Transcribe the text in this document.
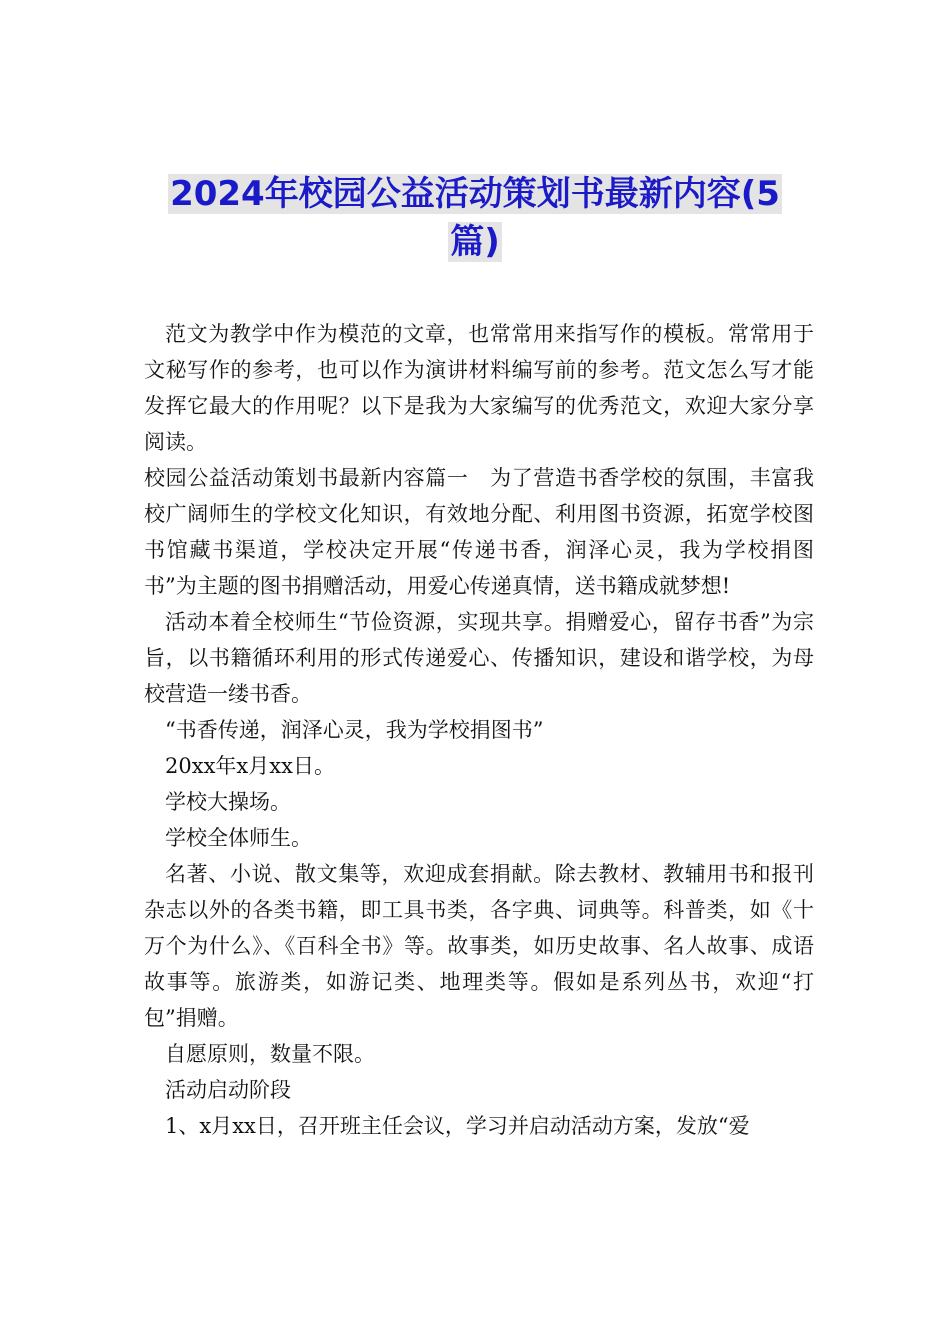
2024年校园公益活动策划书最新内容(5
篇)

范文为教学中作为模范的文章，也常常用来指写作的模板。常常用于文秘写作的参考，也可以作为演讲材料编写前的参考。范文怎么写才能发挥它最大的作用呢？以下是我为大家编写的优秀范文，欢迎大家分享阅读。

校园公益活动策划书最新内容篇一　为了营造书香学校的氛围，丰富我校广阔师生的学校文化知识，有效地分配、利用图书资源，拓宽学校图书馆藏书渠道，学校决定开展“传递书香，润泽心灵，我为学校捐图书”为主题的图书捐赠活动，用爱心传递真情，送书籍成就梦想!

活动本着全校师生“节俭资源，实现共享。捐赠爱心，留存书香”为宗旨，以书籍循环利用的形式传递爱心、传播知识，建设和谐学校，为母校营造一缕书香。

“书香传递，润泽心灵，我为学校捐图书”

20xx年x月xx日。

学校大操场。

学校全体师生。

名著、小说、散文集等，欢迎成套捐献。除去教材、教辅用书和报刊杂志以外的各类书籍，即工具书类，各字典、词典等。科普类，如《十万个为什么》、《百科全书》等。故事类，如历史故事、名人故事、成语故事等。旅游类，如游记类、地理类等。假如是系列丛书，欢迎“打包”捐赠。

自愿原则，数量不限。

活动启动阶段

1、x月xx日，召开班主任会议，学习并启动活动方案，发放“爱
